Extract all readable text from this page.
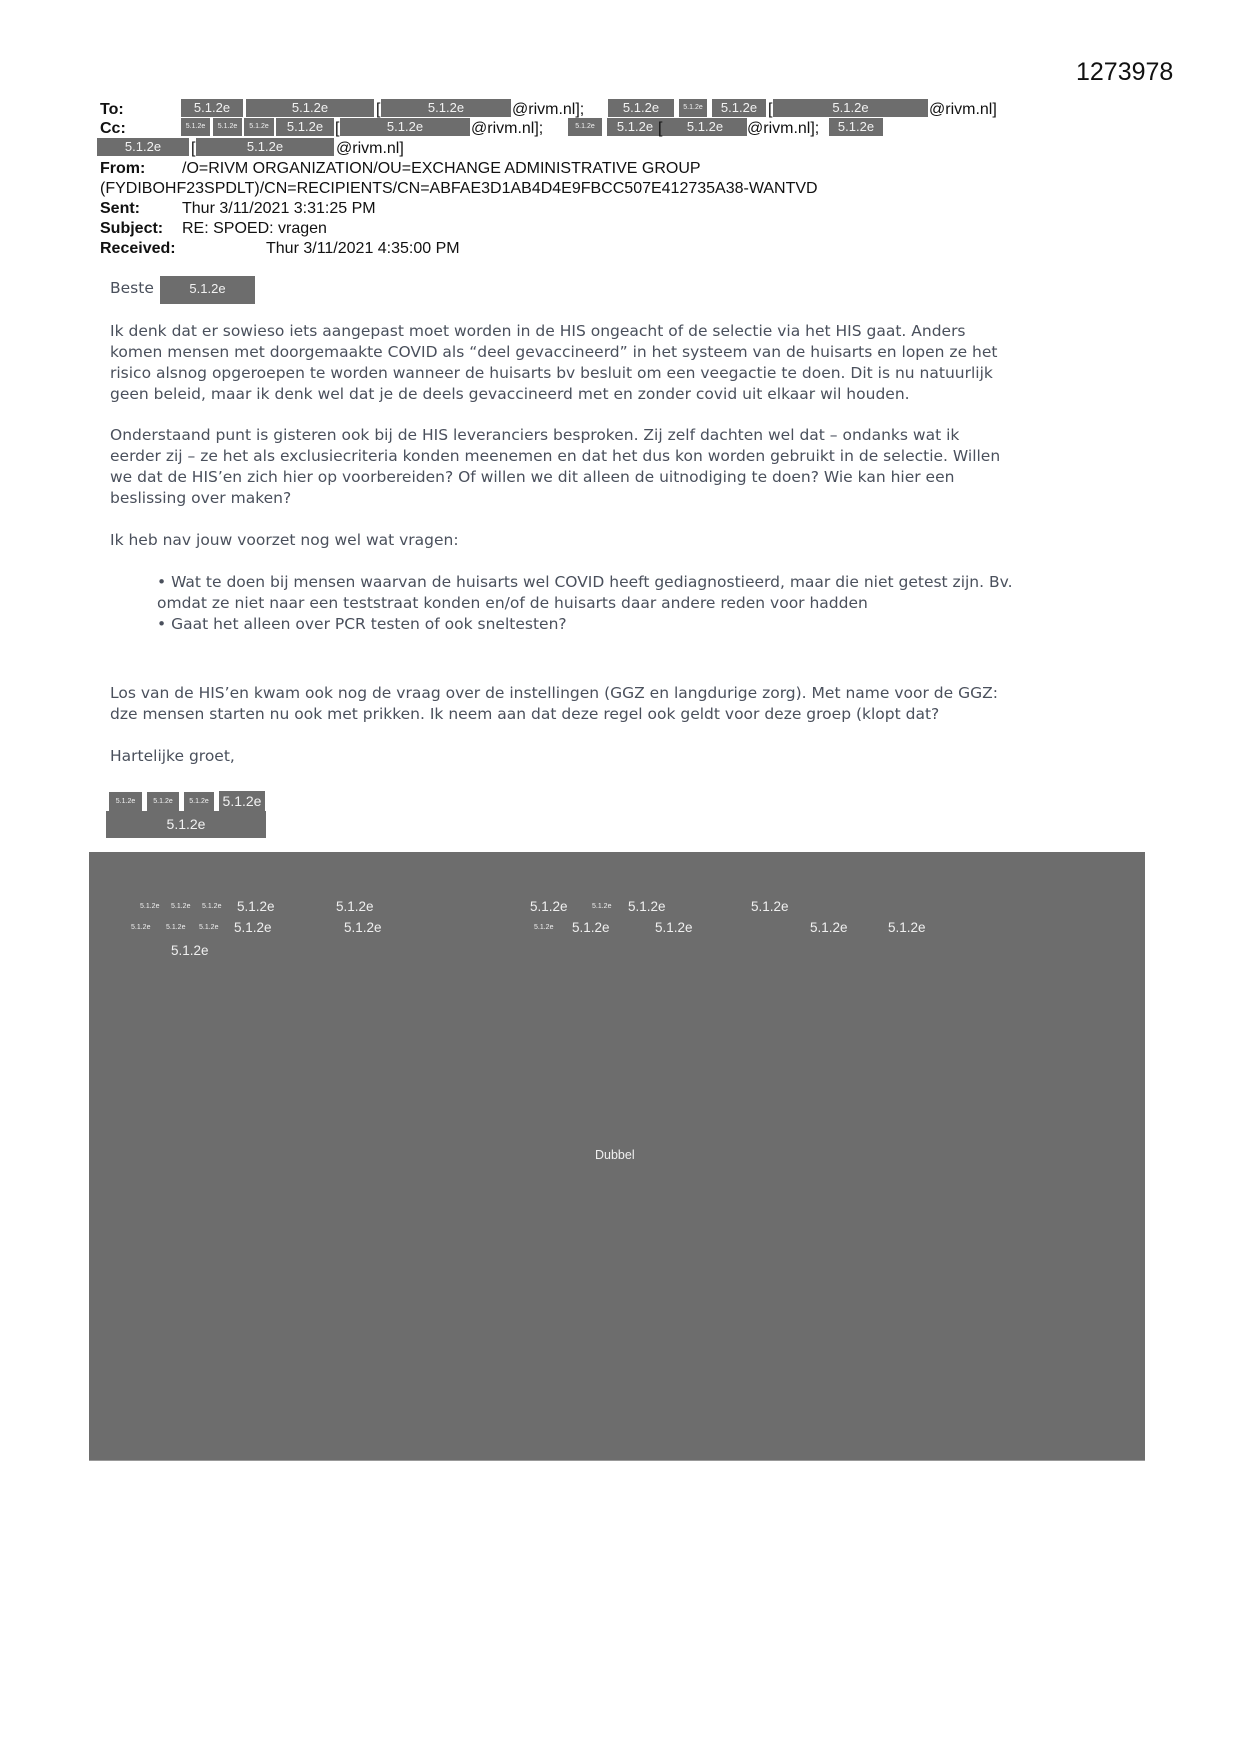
1273978
To:	5.1.2e	5.1.2e	[	5.1.2e	@rivm.nl];	5.1.2e	5.1.2e	5.1.2e [	5.1.2e	@rivm.nl]
Cc:	5.1.2e	5.1.2e	5.1.2e	5.1.2e [	5.1.2e	@rivm.nl];	5.1.2e	5.1.2e [	5.1.2e	@rivm.nl];	5.1.2e
5.1.2e	[	5.1.2e	@rivm.nl]
From: /O=RIVM ORGANIZATION/OU=EXCHANGE ADMINISTRATIVE GROUP
(FYDIBOHF23SPDLT)/CN=RECIPIENTS/CN=ABFAE3D1AB4D4E9FBCC507E412735A38-WANTVD
Sent:	Thur 3/11/2021 3:31:25 PM
Subject: RE: SPOED: vragen
Received:	Thur 3/11/2021 4:35:00 PM
Beste	5.1.2e
Ik denk dat er sowieso iets aangepast moet worden in de HIS ongeacht of de selectie via het HIS gaat. Anders
komen mensen met doorgemaakte COVID als “deel gevaccineerd” in het systeem van de huisarts en lopen ze het
risico alsnog opgeroepen te worden wanneer de huisarts bv besluit om een veegactie te doen. Dit is nu natuurlijk
geen beleid, maar ik denk wel dat je de deels gevaccineerd met en zonder covid uit elkaar wil houden.
Onderstaand punt is gisteren ook bij de HIS leveranciers besproken. Zij zelf dachten wel dat – ondanks wat ik
eerder zij – ze het als exclusiecriteria konden meenemen en dat het dus kon worden gebruikt in de selectie. Willen
we dat de HIS’en zich hier op voorbereiden? Of willen we dit alleen de uitnodiging te doen? Wie kan hier een
beslissing over maken?
Ik heb nav jouw voorzet nog wel wat vragen:
• Wat te doen bij mensen waarvan de huisarts wel COVID heeft gediagnostieerd, maar die niet getest zijn. Bv.
omdat ze niet naar een teststraat konden en/of de huisarts daar andere reden voor hadden
• Gaat het alleen over PCR testen of ook sneltesten?
Los van de HIS’en kwam ook nog de vraag over de instellingen (GGZ en langdurige zorg). Met name voor de GGZ:
dze mensen starten nu ook met prikken. Ik neem aan dat deze regel ook geldt voor deze groep (klopt dat?
Hartelijke groet,
5.1.2e	5.1.2e	5.1.2e 5.1.2e
5.1.2e
5.1.2e 5.1.2e 5.1.2e 5.1.2e	5.1.2e	5.1.2e	5.1.2e 5.1.2e	5.1.2e
5.1.2e 5.1.2e 5.1.2e 5.1.2e	5.1.2e	5.1.2e 5.1.2e	5.1.2e	5.1.2e	5.1.2e
5.1.2e
Dubbel
